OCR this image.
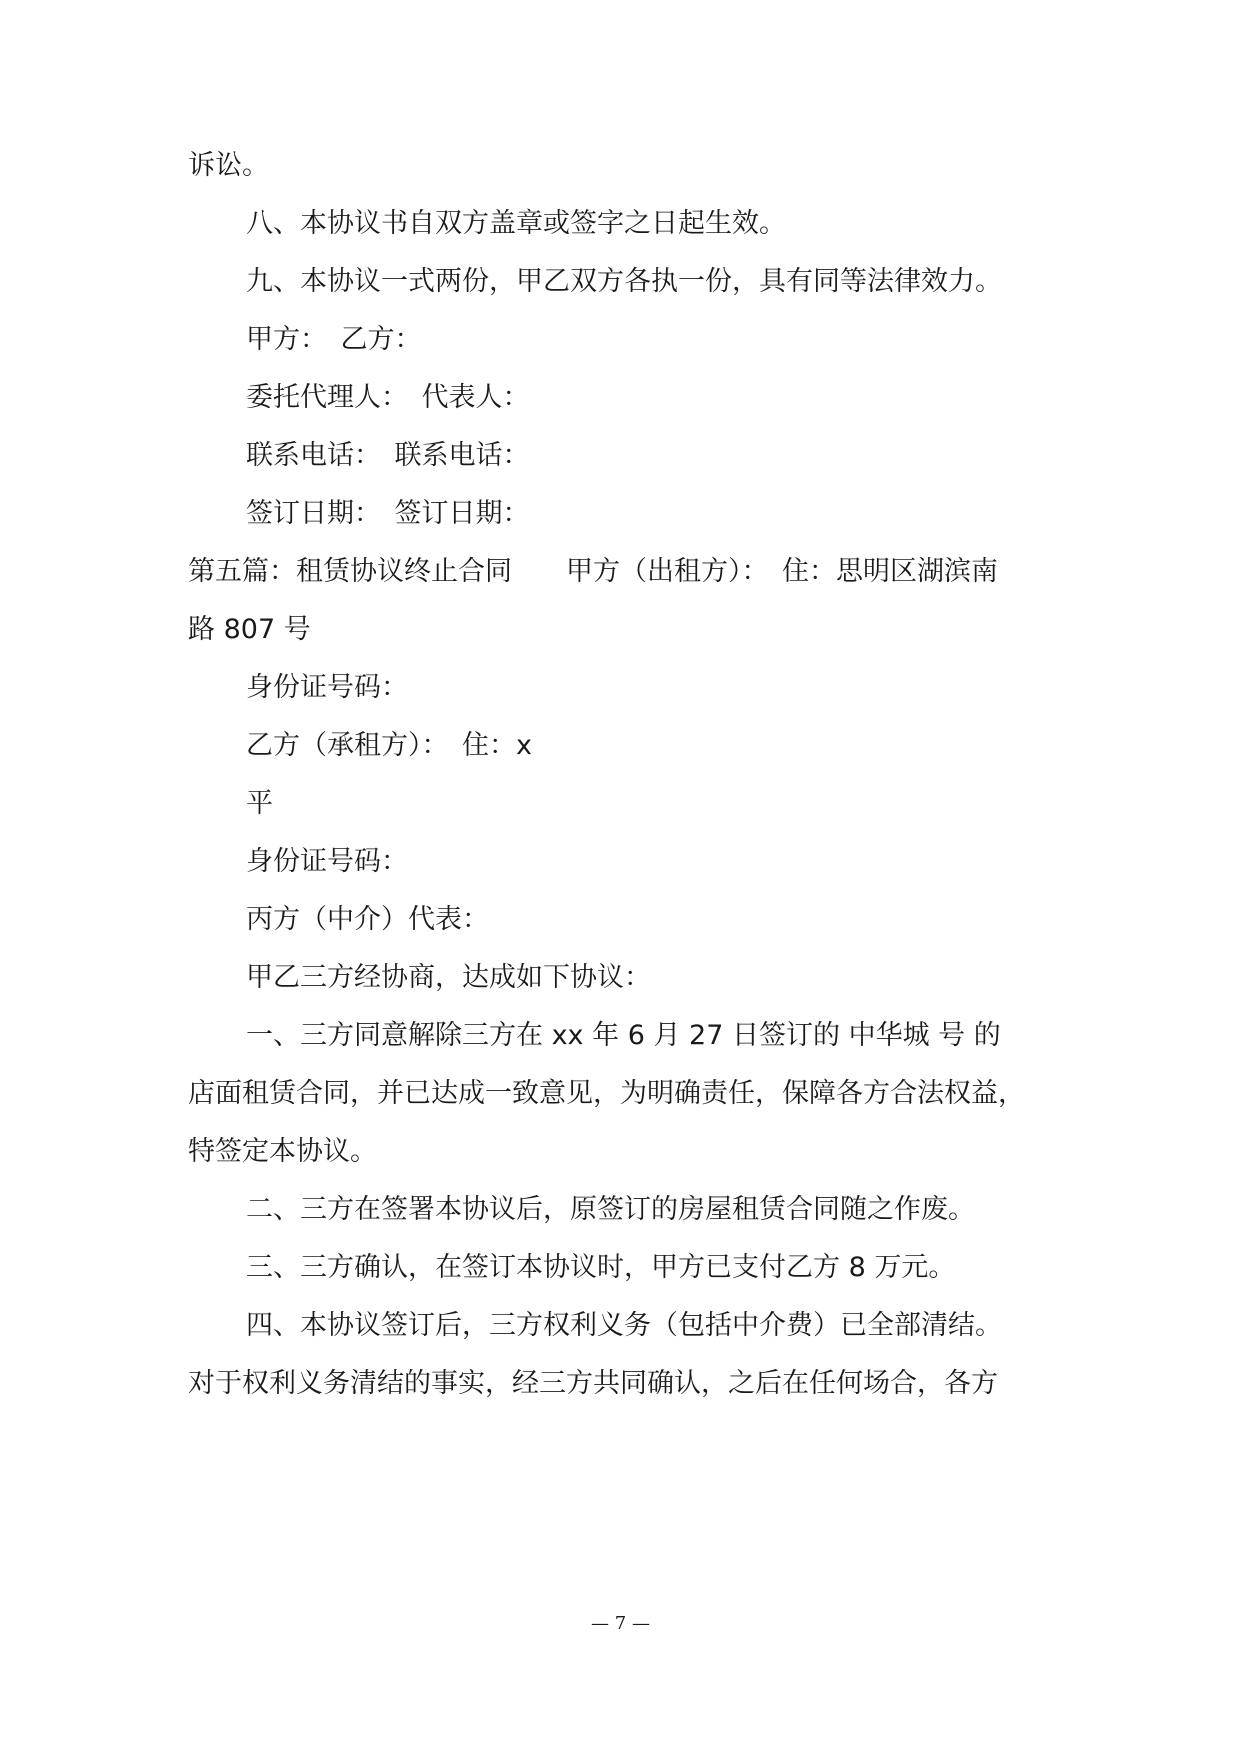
诉讼。
八、本协议书自双方盖章或签字之日起生效。
九、本协议一式两份，甲乙双方各执一份，具有同等法律效力。
甲方：　乙方：
委托代理人：　代表人：
联系电话：　联系电话：
签订日期：　签订日期：
第五篇：租赁协议终止合同　　甲方（出租方）：　住：思明区湖滨南
路 807 号
身份证号码：
乙方（承租方）：　住：x
平
身份证号码：
丙方（中介）代表：
甲乙三方经协商，达成如下协议：
一、三方同意解除三方在 xx 年 6 月 27 日签订的 中华城 号 的
店面租赁合同，并已达成一致意见，为明确责任，保障各方合法权益，
特签定本协议。
二、三方在签署本协议后，原签订的房屋租赁合同随之作废。
三、三方确认，在签订本协议时，甲方已支付乙方 8 万元。
四、本协议签订后，三方权利义务（包括中介费）已全部清结。
对于权利义务清结的事实，经三方共同确认，之后在任何场合，各方
— 7 —
